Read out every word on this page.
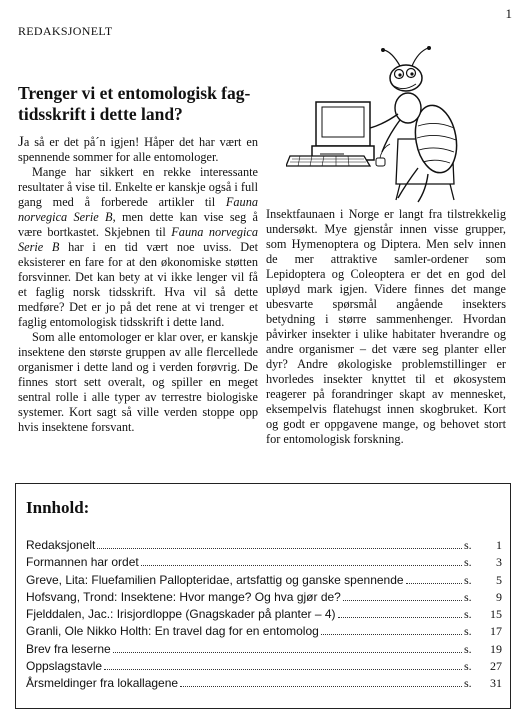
1
REDAKSJONELT
Trenger vi et entomologisk fag-tidsskrift i dette land?

Ja så er det på´n igjen! Håper det har vært en spennende sommer for alle entomologer.

Mange har sikkert en rekke interessante resultater å vise til. Enkelte er kanskje også i full gang med å forberede artikler til Fauna norvegica Serie B, men dette kan vise seg å være bortkastet. Skjebnen til Fauna norvegica Serie B har i en tid vært noe uviss. Det eksisterer en fare for at den økonomiske støtten forsvinner. Det kan bety at vi ikke lenger vil få et faglig norsk tidsskrift. Hva vil så dette medføre? Det er jo på det rene at vi trenger et faglig entomologisk tidsskrift i dette land.

Som alle entomologer er klar over, er kanskje insektene den største gruppen av alle flercellede organismer i dette land og i verden forøvrig. De finnes stort sett overalt, og spiller en meget sentral rolle i alle typer av terrestre biologiske systemer. Kort sagt så ville verden stoppe opp hvis insektene forsvant.

Insektfaunaen i Norge er langt fra tilstrekkelig undersøkt. Mye gjenstår innen visse grupper, som Hymenoptera og Diptera. Men selv innen de mer attraktive samler-ordener som Lepidoptera og Coleoptera er det en god del upløyd mark igjen. Videre finnes det mange ubesvarte spørsmål angående insekters betydning i større sammenhenger. Hvordan påvirker insekter i ulike habitater hverandre og andre organismer – det være seg planter eller dyr? Andre økologiske problemstillinger er hvorledes insekter knyttet til et økosystem reagerer på forandringer skapt av mennesket, eksempelvis flatehugst innen skogbruket. Kort og godt er oppgavene mange, og behovet stort for entomologisk forskning.

Innhold:
Redaksjonelt	s.	1
Formannen har ordet	s.	3
Greve, Lita: Fluefamilien Pallopteridae, artsfattig og ganske spennende	s.	5
Hofsvang, Trond: Insektene: Hvor mange? Og hva gjør de?	s.	9
Fjelddalen, Jac.: Irisjordloppe (Gnagskader på planter – 4)	s.	15
Granli, Ole Nikko Holth: En travel dag for en entomolog	s.	17
Brev fra leserne	s.	19
Oppslagstavle	s.	27
Årsmeldinger fra lokallagene	s.	31
